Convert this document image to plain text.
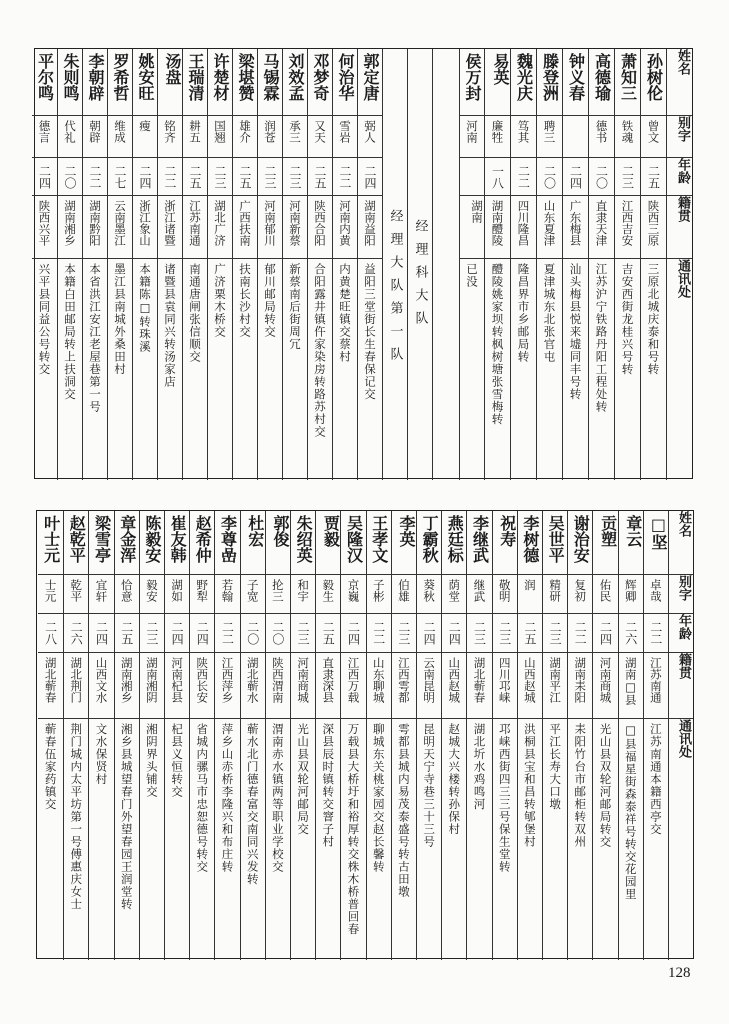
姓名
别字
年龄
籍贯
通讯处
孙树伦
曾文
二五
陕西三原
三原北城庆泰和号转
萧知三
铁魂
二三
江西吉安
吉安西街龙桂兴号转
高德瑜
德书
二〇
直隶天津
江苏沪宁铁路丹阳工程处转
钟义春
二四
广东梅县
汕头梅县悦来墟同丰号转
滕登洲
聘三
二〇
山东夏津
夏津城东北张官屯
魏光庆
笃其
二二
四川隆昌
隆昌界市乡邮局转
易英
廉牲
一八
湖南醴陵
醴陵姚家坝转枫树塘张雪梅转
侯万封
河南
湖南
已没
经理科大队
经理大队第一队
郭定唐
弼人
二四
湖南益阳
益阳三堂街长生春保记交
何治华
雪岩
二二
河南内黄
内黄楚旺镇交蔡村
邓梦奇
又天
二五
陕西合阳
合阳露井镇仵家染房转路苏村交
刘效孟
承三
二三
河南新蔡
新蔡南后街周冗
马锡霖
润苍
二三
河南郁川
郁川邮局转交
梁堪赞
雄介
二五
广西扶南
扶南长沙村交
许楚材
国翘
二三
湖北广济
广济栗木桥交
王瑞清
耕五
二五
江苏南通
南通唐闸张信顺交
汤盘
铭齐
二二
浙江诸暨
诸暨县袁同兴转汤家店
姚安旺
瘦
二四
浙江象山
本籍陈□转珠溪
罗希哲
维成
二七
云南墨江
墨江县南城外桑田村
李朝辟
朝辟
二二
湖南黔阳
本省洪江安江老屋巷第一号
朱则鸣
代礼
二〇
湖南湘乡
本籍白田邮局转上扶洞交
平尔鸣
德言
二四
陕西兴平
兴平县同益公号转交
姓名
别字
年龄
籍贯
通讯处
□坚
卓哉
二二
江苏南通
江苏南通本籍西亭交
章云
辉卿
二六
湖南□县
□县福星街森泰祥号转交花园里
贡塑
佑民
二四
河南商城
光山县双轮河邮局转交
谢治安
复初
二二
湖南耒阳
耒阳竹台市邮柜转双州
吴世平
精研
二三
湖南平江
平江长寿大口墩
李树德
润
二五
山西赵城
洪桐县宝和昌转郇堡村
祝寿
敬明
二三
四川邛崃
邛崃西街四三三号保生堂转
李继武
继武
二三
湖北蕲春
湖北圻水鸡鸣河
燕廷标
荫堂
二四
山西赵城
赵城大兴楼转孙保村
丁霸秋
葵秋
二四
云南昆明
昆明天宁寺巷三十三号
李英
伯雄
二三
江西雩都
雩都县城内易茂泰盛号转古田墩
王孝文
子彬
二二
山东聊城
聊城东关桃家园交赵长馨转
吴隆汉
京巍
二四
江西万载
万载县大桥圩和裕厚转交株木桥普回春
贾毅
毅生
二五
直隶深县
深县辰时镇转交窨子村
朱绍英
和宇
二三
河南商城
光山县双轮河邮局交
郭俊
抡三
二〇
陕西渭南
渭南赤水镇两等职业学校交
杜宏
子宽
二〇
湖北蕲水
蕲水北门德春富交南同兴发转
李尊嵒
若翰
二二
江西萍乡
萍乡山赤桥李隆兴和布庄转
赵希仲
野犁
二四
陕西长安
省城内骡马市忠恕德号转交
崔友韩
湖如
二四
河南杞县
杞县义恒转交
陈毅安
毅安
二三
湖南湘阴
湘阴界头铺交
章金浑
恰意
二五
湖南湘乡
湘乡县城望春门外望春园王润堂转
梁雪亭
宜轩
二四
山西文水
文水保贤村
赵乾平
乾平
二六
湖北荆门
荆门城内太平坊第一号傅惠庆女士
叶士元
士元
二八
湖北蕲春
蕲春伍家药镇交
128
